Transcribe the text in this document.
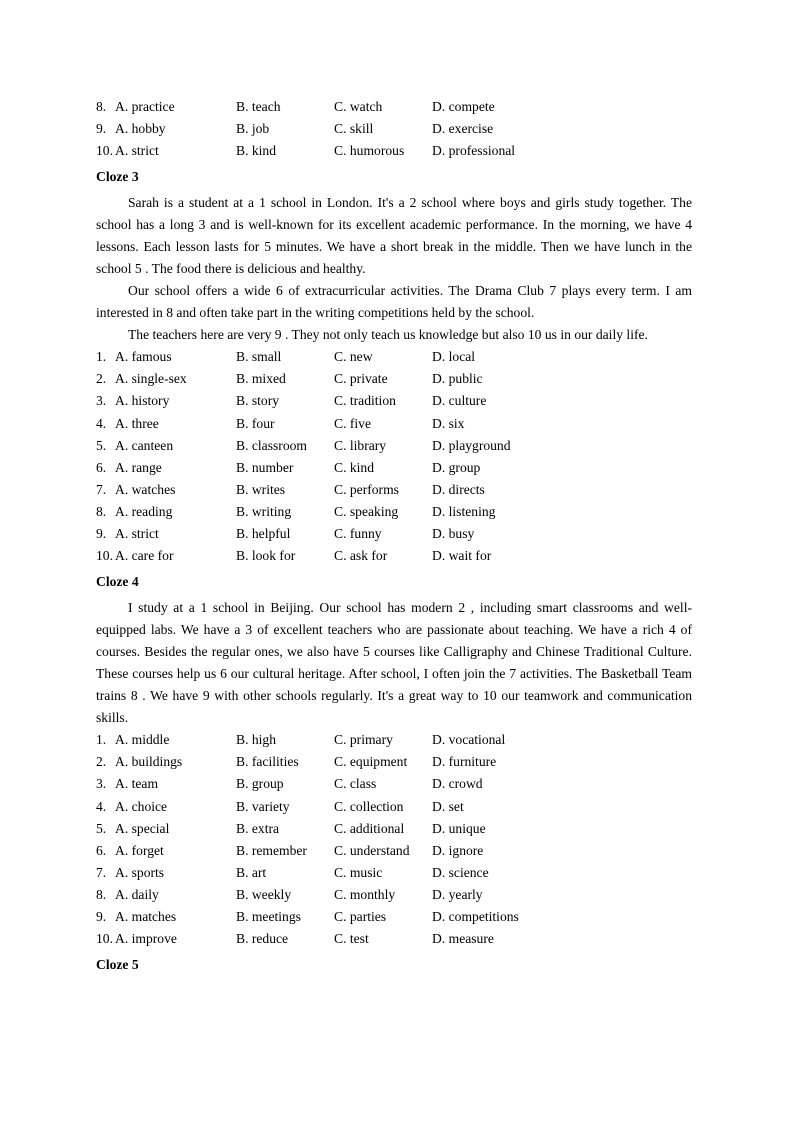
8. A. practice	B. teach	C. watch	D. compete
9. A. hobby	B. job	C. skill	D. exercise
10. A. strict	B. kind	C. humorous	D. professional
Cloze 3

Sarah is a student at a 1 school in London. It's a 2 school where boys and girls study together. The school has a long 3 and is well-known for its excellent academic performance. In the morning, we have 4 lessons. Each lesson lasts for 5 minutes. We have a short break in the middle. Then we have lunch in the school 5 . The food there is delicious and healthy.

Our school offers a wide 6 of extracurricular activities. The Drama Club 7 plays every term. I am interested in 8 and often take part in the writing competitions held by the school.

The teachers here are very 9 . They not only teach us knowledge but also 10 us in our daily life.

1. A. famous	B. small	C. new	D. local
2. A. single-sex	B. mixed	C. private	D. public
3. A. history	B. story	C. tradition	D. culture
4. A. three	B. four	C. five	D. six
5. A. canteen	B. classroom	C. library	D. playground
6. A. range	B. number	C. kind	D. group
7. A. watches	B. writes	C. performs	D. directs
8. A. reading	B. writing	C. speaking	D. listening
9. A. strict	B. helpful	C. funny	D. busy
10. A. care for	B. look for	C. ask for	D. wait for
Cloze 4

I study at a 1 school in Beijing. Our school has modern 2 , including smart classrooms and well-equipped labs. We have a 3 of excellent teachers who are passionate about teaching. We have a rich 4 of courses. Besides the regular ones, we also have 5 courses like Calligraphy and Chinese Traditional Culture. These courses help us 6 our cultural heritage. After school, I often join the 7 activities. The Basketball Team trains 8 . We have 9 with other schools regularly. It's a great way to 10 our teamwork and communication skills.

1. A. middle	B. high	C. primary	D. vocational
2. A. buildings	B. facilities	C. equipment	D. furniture
3. A. team	B. group	C. class	D. crowd
4. A. choice	B. variety	C. collection	D. set
5. A. special	B. extra	C. additional	D. unique
6. A. forget	B. remember	C. understand	D. ignore
7. A. sports	B. art	C. music	D. science
8. A. daily	B. weekly	C. monthly	D. yearly
9. A. matches	B. meetings	C. parties	D. competitions
10. A. improve	B. reduce	C. test	D. measure
Cloze 5
